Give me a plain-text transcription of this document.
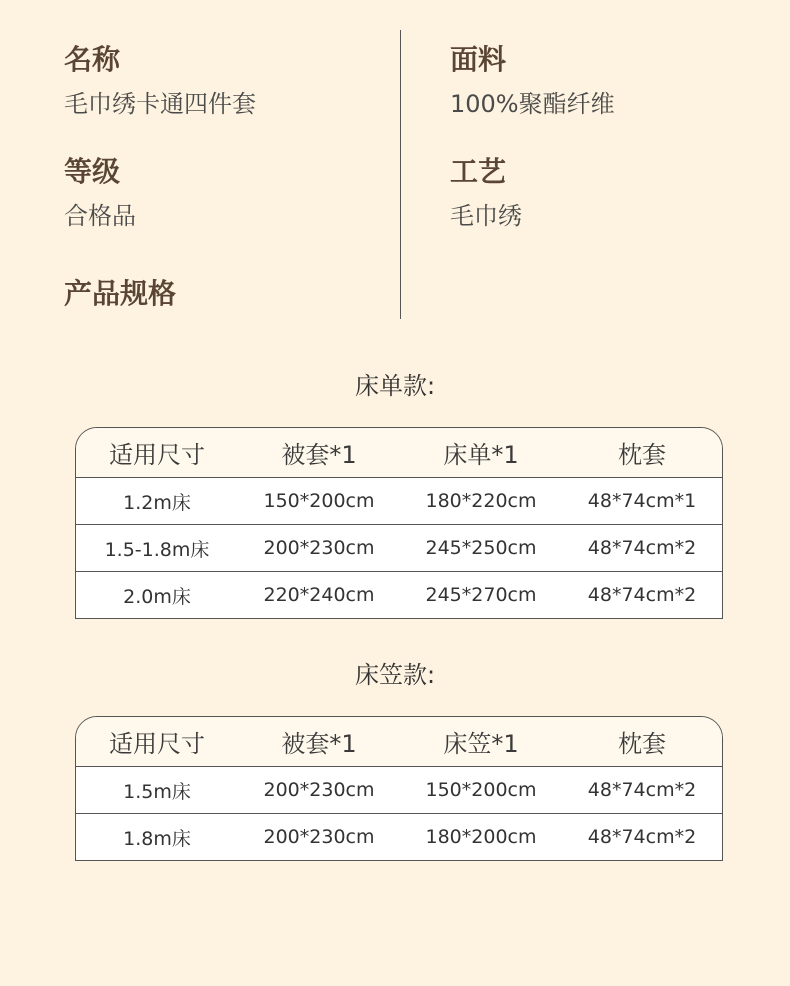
名称
毛巾绣卡通四件套
等级
合格品
产品规格
面料
100%聚酯纤维
工艺
毛巾绣
床单款:
适用尺寸	被套*1	床单*1	枕套
1.2m床	150*200cm	180*220cm	48*74cm*1
1.5-1.8m床	200*230cm	245*250cm	48*74cm*2
2.0m床	220*240cm	245*270cm	48*74cm*2
床笠款:
适用尺寸	被套*1	床笠*1	枕套
1.5m床	200*230cm	150*200cm	48*74cm*2
1.8m床	200*230cm	180*200cm	48*74cm*2
